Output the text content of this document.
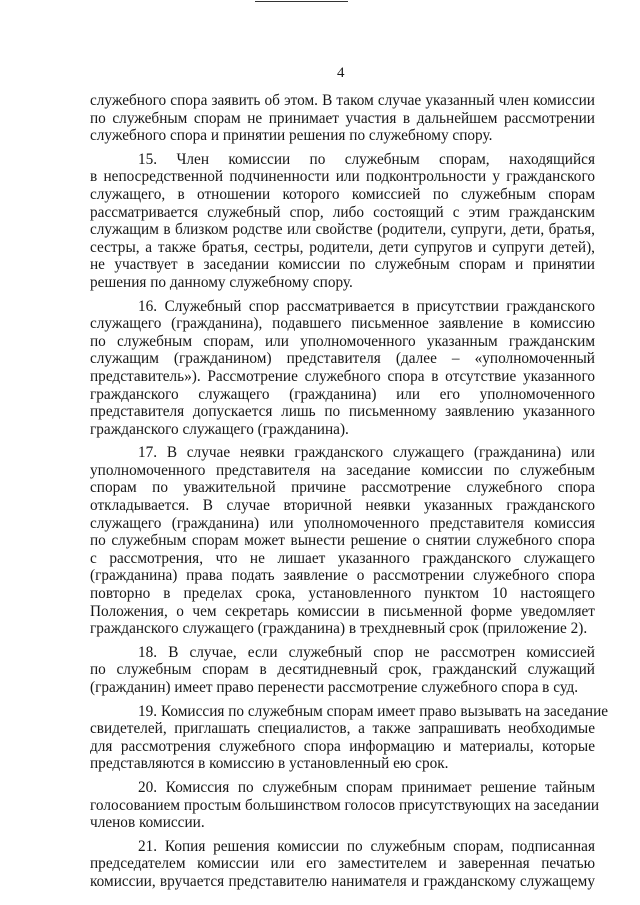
4
служебного спора заявить об этом. В таком случае указанный член комиссии
по служебным спорам не принимает участия в дальнейшем рассмотрении
служебного спора и принятии решения по служебному спору.
15. Член комиссии по служебным спорам, находящийся
в непосредственной подчиненности или подконтрольности у гражданского
служащего, в отношении которого комиссией по служебным спорам
рассматривается служебный спор, либо состоящий с этим гражданским
служащим в близком родстве или свойстве (родители, супруги, дети, братья,
сестры, а также братья, сестры, родители, дети супругов и супруги детей),
не участвует в заседании комиссии по служебным спорам и принятии
решения по данному служебному спору.
16. Служебный спор рассматривается в присутствии гражданского
служащего (гражданина), подавшего письменное заявление в комиссию
по служебным спорам, или уполномоченного указанным гражданским
служащим (гражданином) представителя (далее – «уполномоченный
представитель»). Рассмотрение служебного спора в отсутствие указанного
гражданского служащего (гражданина) или его уполномоченного
представителя допускается лишь по письменному заявлению указанного
гражданского служащего (гражданина).
17. В случае неявки гражданского служащего (гражданина) или
уполномоченного представителя на заседание комиссии по служебным
спорам по уважительной причине рассмотрение служебного спора
откладывается. В случае вторичной неявки указанных гражданского
служащего (гражданина) или уполномоченного представителя комиссия
по служебным спорам может вынести решение о снятии служебного спора
с рассмотрения, что не лишает указанного гражданского служащего
(гражданина) права подать заявление о рассмотрении служебного спора
повторно в пределах срока, установленного пунктом 10 настоящего
Положения, о чем секретарь комиссии в письменной форме уведомляет
гражданского служащего (гражданина) в трехдневный срок (приложение 2).
18. В случае, если служебный спор не рассмотрен комиссией
по служебным спорам в десятидневный срок, гражданский служащий
(гражданин) имеет право перенести рассмотрение служебного спора в суд.
19. Комиссия по служебным спорам имеет право вызывать на заседание
свидетелей, приглашать специалистов, а также запрашивать необходимые
для рассмотрения служебного спора информацию и материалы, которые
представляются в комиссию в установленный ею срок.
20. Комиссия по служебным спорам принимает решение тайным
голосованием простым большинством голосов присутствующих на заседании
членов комиссии.
21. Копия решения комиссии по служебным спорам, подписанная
председателем комиссии или его заместителем и заверенная печатью
комиссии, вручается представителю нанимателя и гражданскому служащему
